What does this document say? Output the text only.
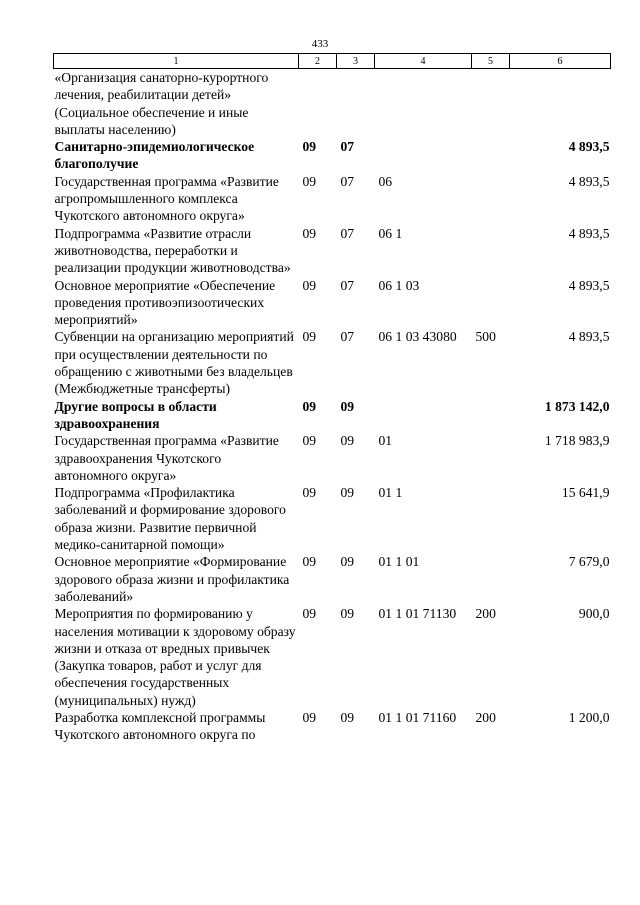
433
1	2	3	4	5	6
«Организация санаторно-курортного лечения, реабилитации детей» (Социальное обеспечение и иные выплаты населению)					
Санитарно-эпидемиологическое благополучие	09	07			4 893,5
Государственная программа «Развитие агропромышленного комплекса Чукотского автономного округа»	09	07	06		4 893,5
Подпрограмма «Развитие отрасли животноводства, переработки и реализации продукции животноводства»	09	07	06 1		4 893,5
Основное мероприятие «Обеспечение проведения противоэпизоотических мероприятий»	09	07	06 1 03		4 893,5
Субвенции на организацию мероприятий при осуществлении деятельности по обращению с животными без владельцев (Межбюджетные трансферты)	09	07	06 1 03 43080	500	4 893,5
Другие вопросы в области здравоохранения	09	09			1 873 142,0
Государственная программа «Развитие здравоохранения Чукотского автономного округа»	09	09	01		1 718 983,9
Подпрограмма «Профилактика заболеваний и формирование здорового образа жизни. Развитие первичной медико-санитарной помощи»	09	09	01 1		15 641,9
Основное мероприятие «Формирование здорового образа жизни и профилактика заболеваний»	09	09	01 1 01		7 679,0
Мероприятия по формированию у населения мотивации к здоровому образу жизни и отказа от вредных привычек (Закупка товаров, работ и услуг для обеспечения государственных (муниципальных) нужд)	09	09	01 1 01 71130	200	900,0
Разработка комплексной программы Чукотского автономного округа по	09	09	01 1 01 71160	200	1 200,0
